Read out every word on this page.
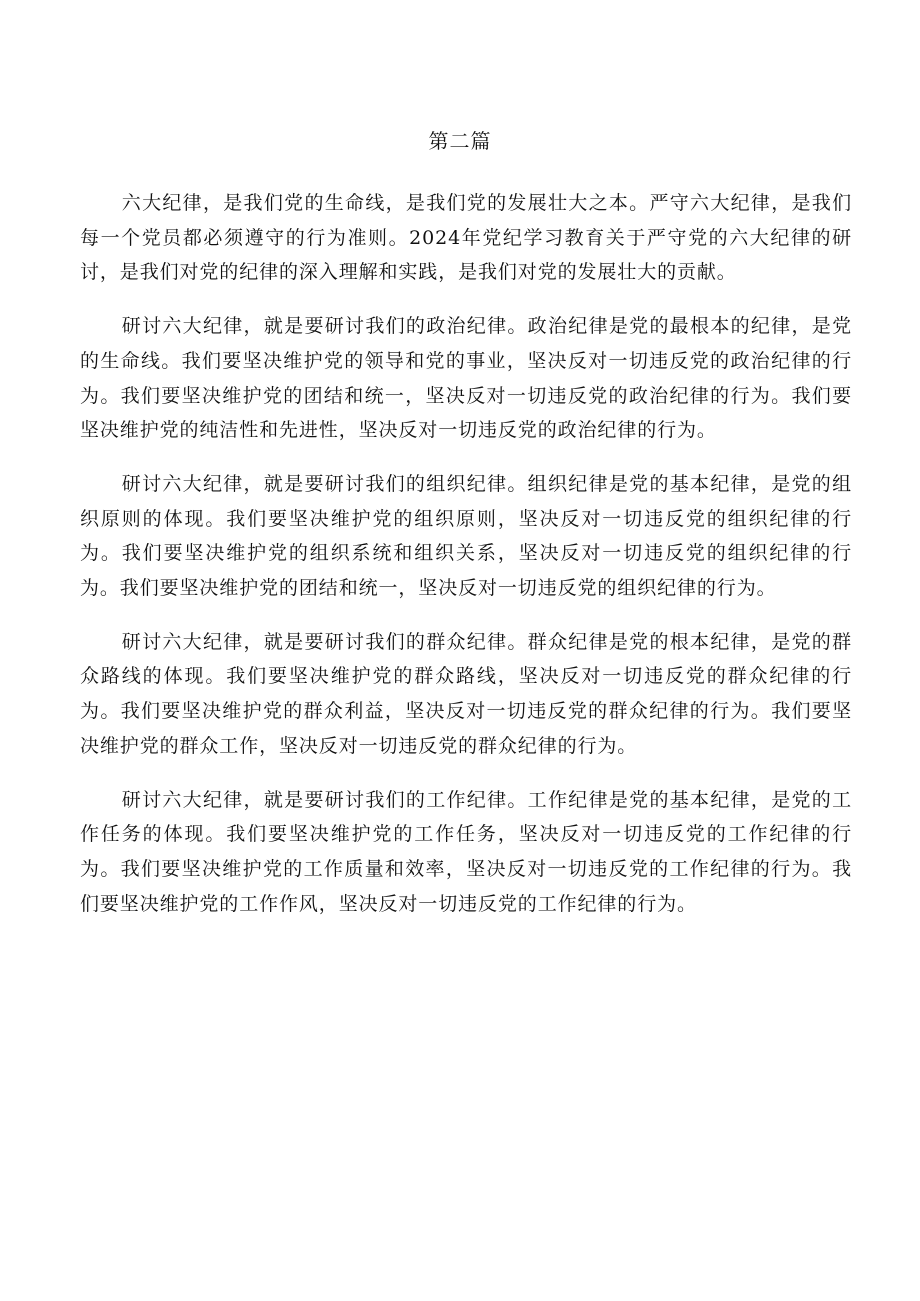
第二篇

六大纪律，是我们党的生命线，是我们党的发展壮大之本。严守六大纪律，是我们每一个党员都必须遵守的行为准则。2024年党纪学习教育关于严守党的六大纪律的研讨，是我们对党的纪律的深入理解和实践，是我们对党的发展壮大的贡献。

研讨六大纪律，就是要研讨我们的政治纪律。政治纪律是党的最根本的纪律，是党的生命线。我们要坚决维护党的领导和党的事业，坚决反对一切违反党的政治纪律的行为。我们要坚决维护党的团结和统一，坚决反对一切违反党的政治纪律的行为。我们要坚决维护党的纯洁性和先进性，坚决反对一切违反党的政治纪律的行为。

研讨六大纪律，就是要研讨我们的组织纪律。组织纪律是党的基本纪律，是党的组织原则的体现。我们要坚决维护党的组织原则，坚决反对一切违反党的组织纪律的行为。我们要坚决维护党的组织系统和组织关系，坚决反对一切违反党的组织纪律的行为。我们要坚决维护党的团结和统一，坚决反对一切违反党的组织纪律的行为。

研讨六大纪律，就是要研讨我们的群众纪律。群众纪律是党的根本纪律，是党的群众路线的体现。我们要坚决维护党的群众路线，坚决反对一切违反党的群众纪律的行为。我们要坚决维护党的群众利益，坚决反对一切违反党的群众纪律的行为。我们要坚决维护党的群众工作，坚决反对一切违反党的群众纪律的行为。

研讨六大纪律，就是要研讨我们的工作纪律。工作纪律是党的基本纪律，是党的工作任务的体现。我们要坚决维护党的工作任务，坚决反对一切违反党的工作纪律的行为。我们要坚决维护党的工作质量和效率，坚决反对一切违反党的工作纪律的行为。我们要坚决维护党的工作作风，坚决反对一切违反党的工作纪律的行为。
